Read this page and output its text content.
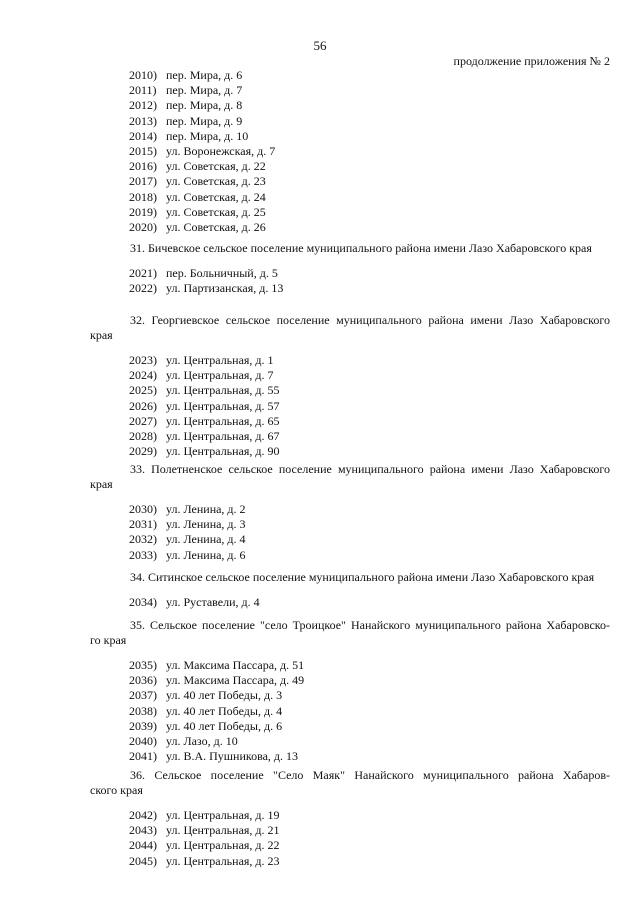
56
продолжение приложения № 2
2010) пер. Мира, д. 6
2011) пер. Мира, д. 7
2012) пер. Мира, д. 8
2013) пер. Мира, д. 9
2014) пер. Мира, д. 10
2015) ул. Воронежская, д. 7
2016) ул. Советская, д. 22
2017) ул. Советская, д. 23
2018) ул. Советская, д. 24
2019) ул. Советская, д. 25
2020) ул. Советская, д. 26
31. Бичевское сельское поселение муниципального района имени Лазо Хабаровского края
2021) пер. Больничный, д. 5
2022) ул. Партизанская, д. 13
32. Георгиевское сельское поселение муниципального района имени Лазо Хабаровского
края
2023) ул. Центральная, д. 1
2024) ул. Центральная, д. 7
2025) ул. Центральная, д. 55
2026) ул. Центральная, д. 57
2027) ул. Центральная, д. 65
2028) ул. Центральная, д. 67
2029) ул. Центральная, д. 90
33. Полетненское сельское поселение муниципального района имени Лазо Хабаровского
края
2030) ул. Ленина, д. 2
2031) ул. Ленина, д. 3
2032) ул. Ленина, д. 4
2033) ул. Ленина, д. 6
34. Ситинское сельское поселение муниципального района имени Лазо Хабаровского края
2034) ул. Руставели, д. 4
35. Сельское поселение "село Троицкое" Нанайского муниципального района Хабаровско-
го края
2035) ул. Максима Пассара, д. 51
2036) ул. Максима Пассара, д. 49
2037) ул. 40 лет Победы, д. 3
2038) ул. 40 лет Победы, д. 4
2039) ул. 40 лет Победы, д. 6
2040) ул. Лазо, д. 10
2041) ул. В.А. Пушникова, д. 13
36. Сельское поселение "Село Маяк" Нанайского муниципального района Хабаров-
ского края
2042) ул. Центральная, д. 19
2043) ул. Центральная, д. 21
2044) ул. Центральная, д. 22
2045) ул. Центральная, д. 23
